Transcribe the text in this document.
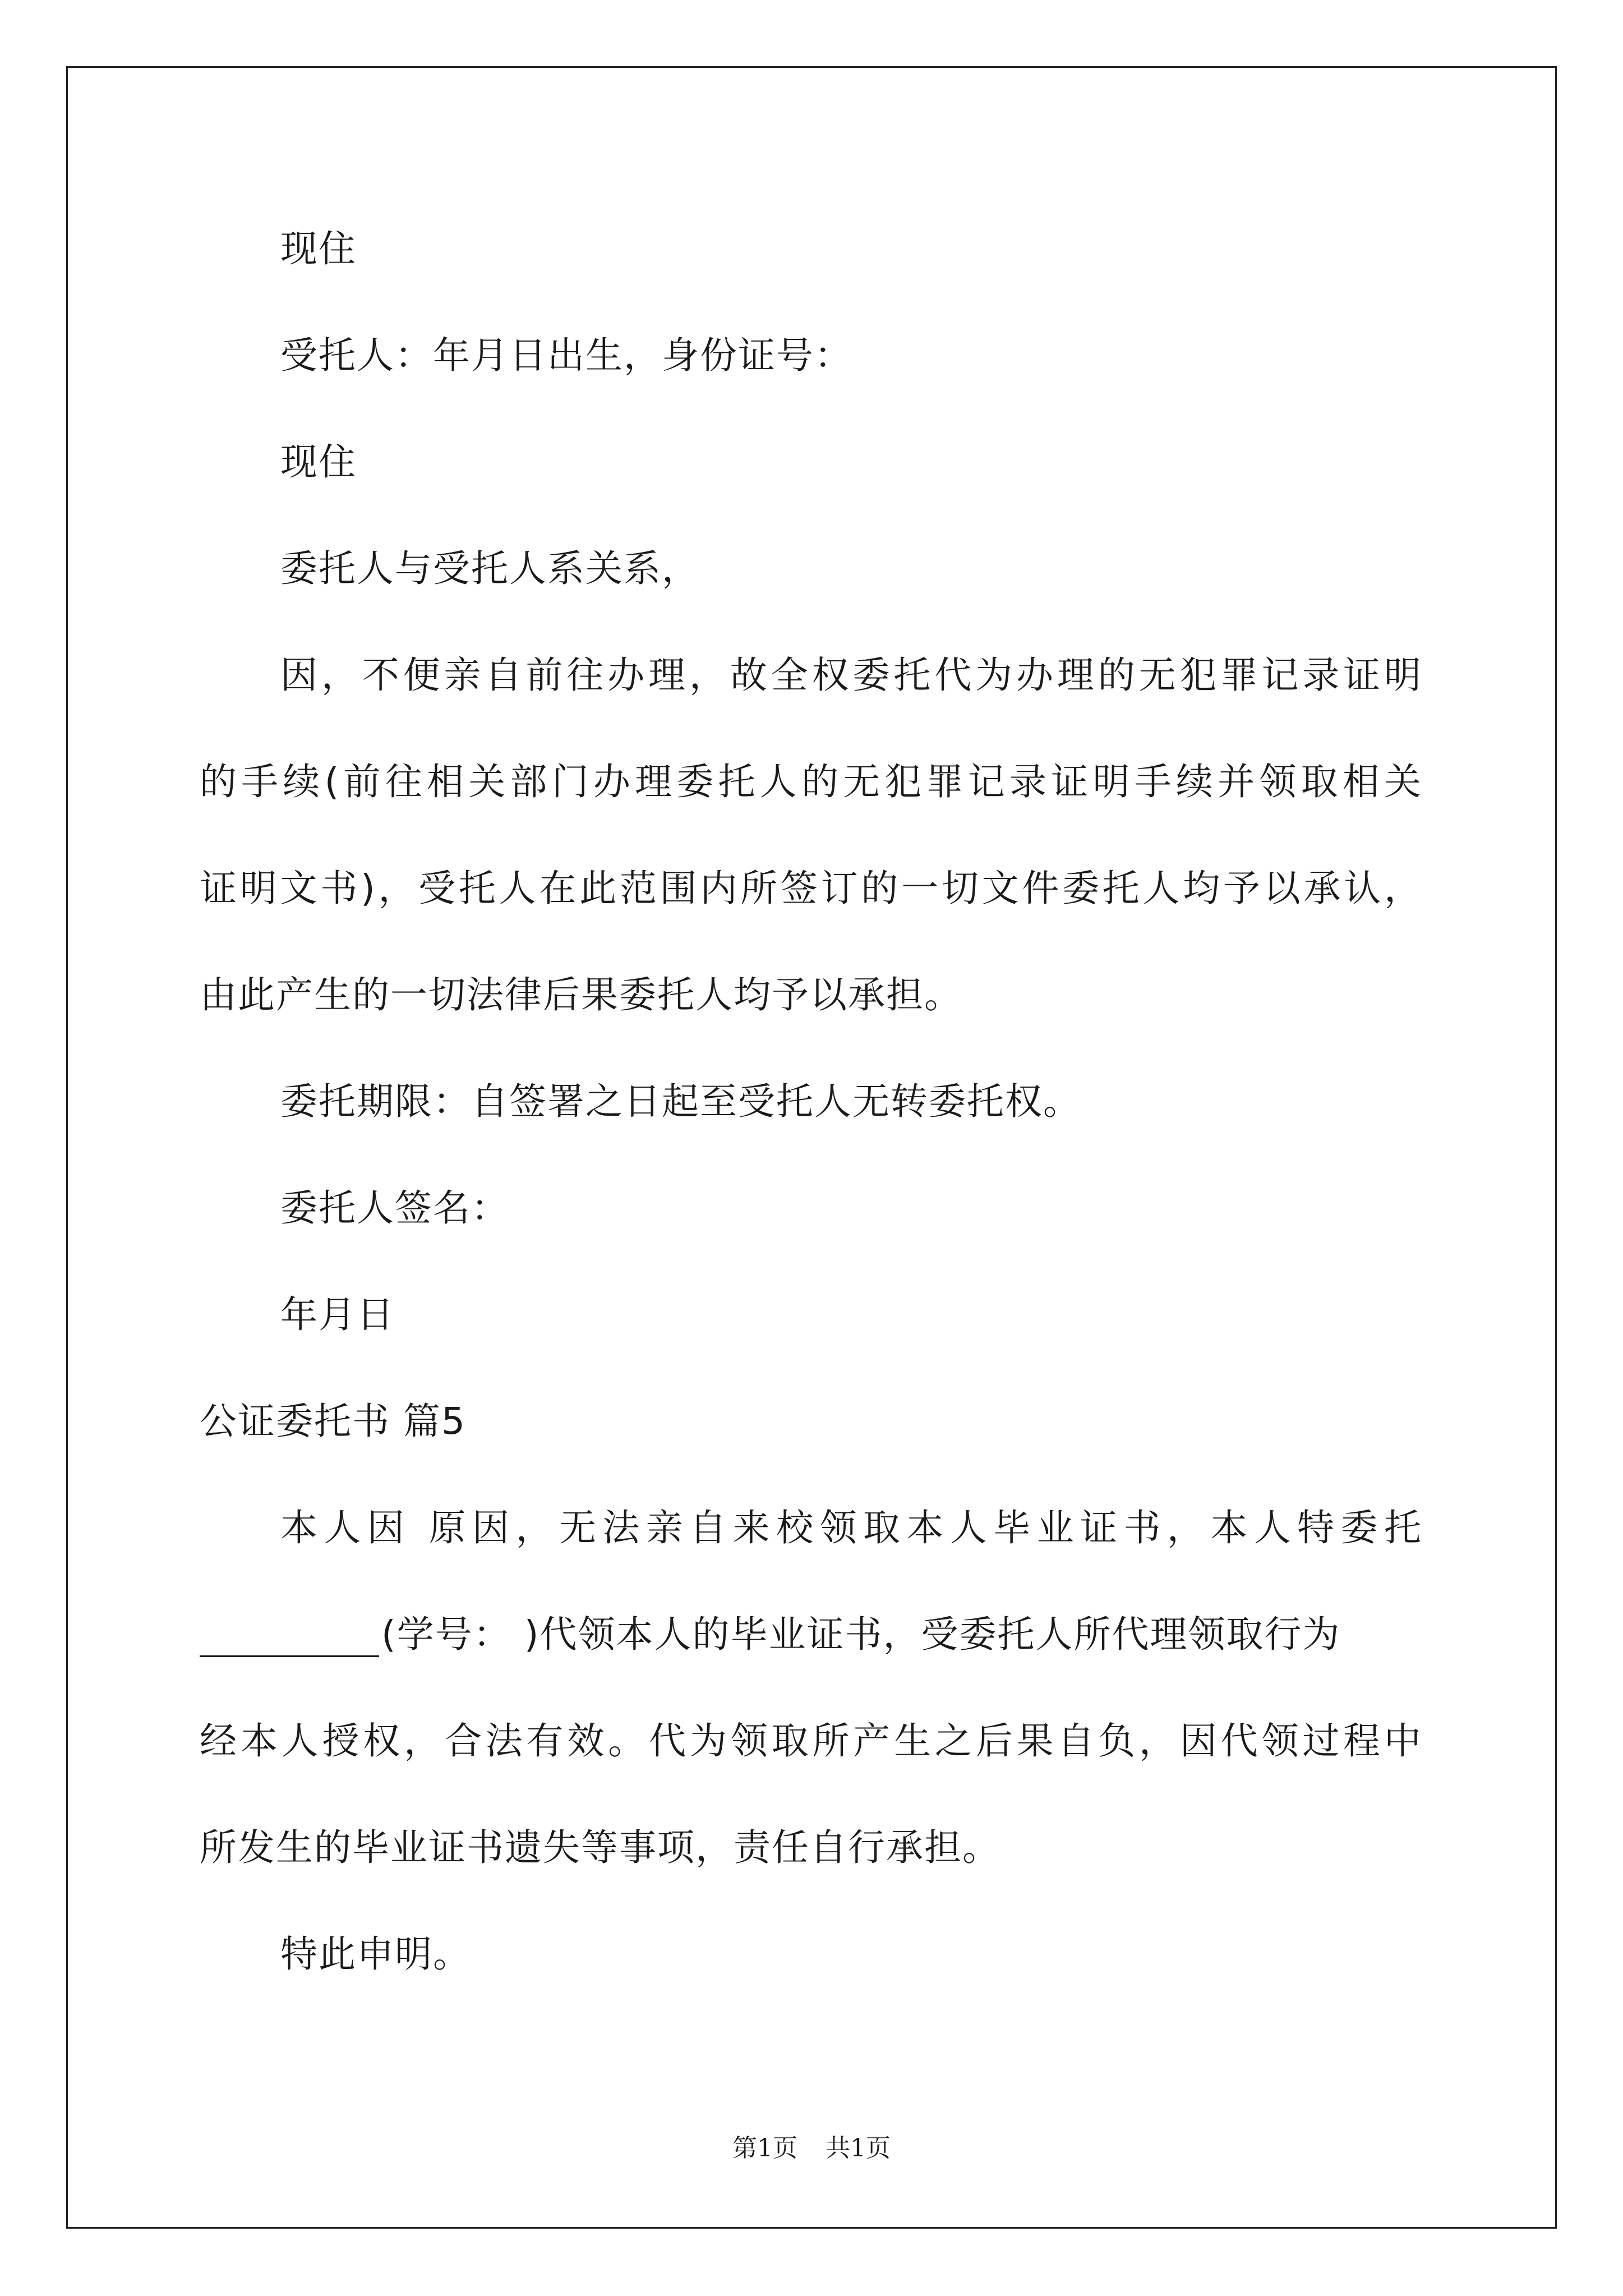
现住
受托人：年月日出生，身份证号：
现住
委托人与受托人系关系，
因，不便亲自前往办理，故全权委托代为办理的无犯罪记录证明
的手续(前往相关部门办理委托人的无犯罪记录证明手续并领取相关
证明文书)，受托人在此范围内所签订的一切文件委托人均予以承认，
由此产生的一切法律后果委托人均予以承担。
委托期限：自签署之日起至受托人无转委托权。
委托人签名：
年月日
公证委托书 篇5
本人因 原因，无法亲自来校领取本人毕业证书，本人特委托
(学号： )代领本人的毕业证书，受委托人所代理领取行为
经本人授权，合法有效。代为领取所产生之后果自负，因代领过程中
所发生的毕业证书遗失等事项，责任自行承担。
特此申明。
第1页 共1页
